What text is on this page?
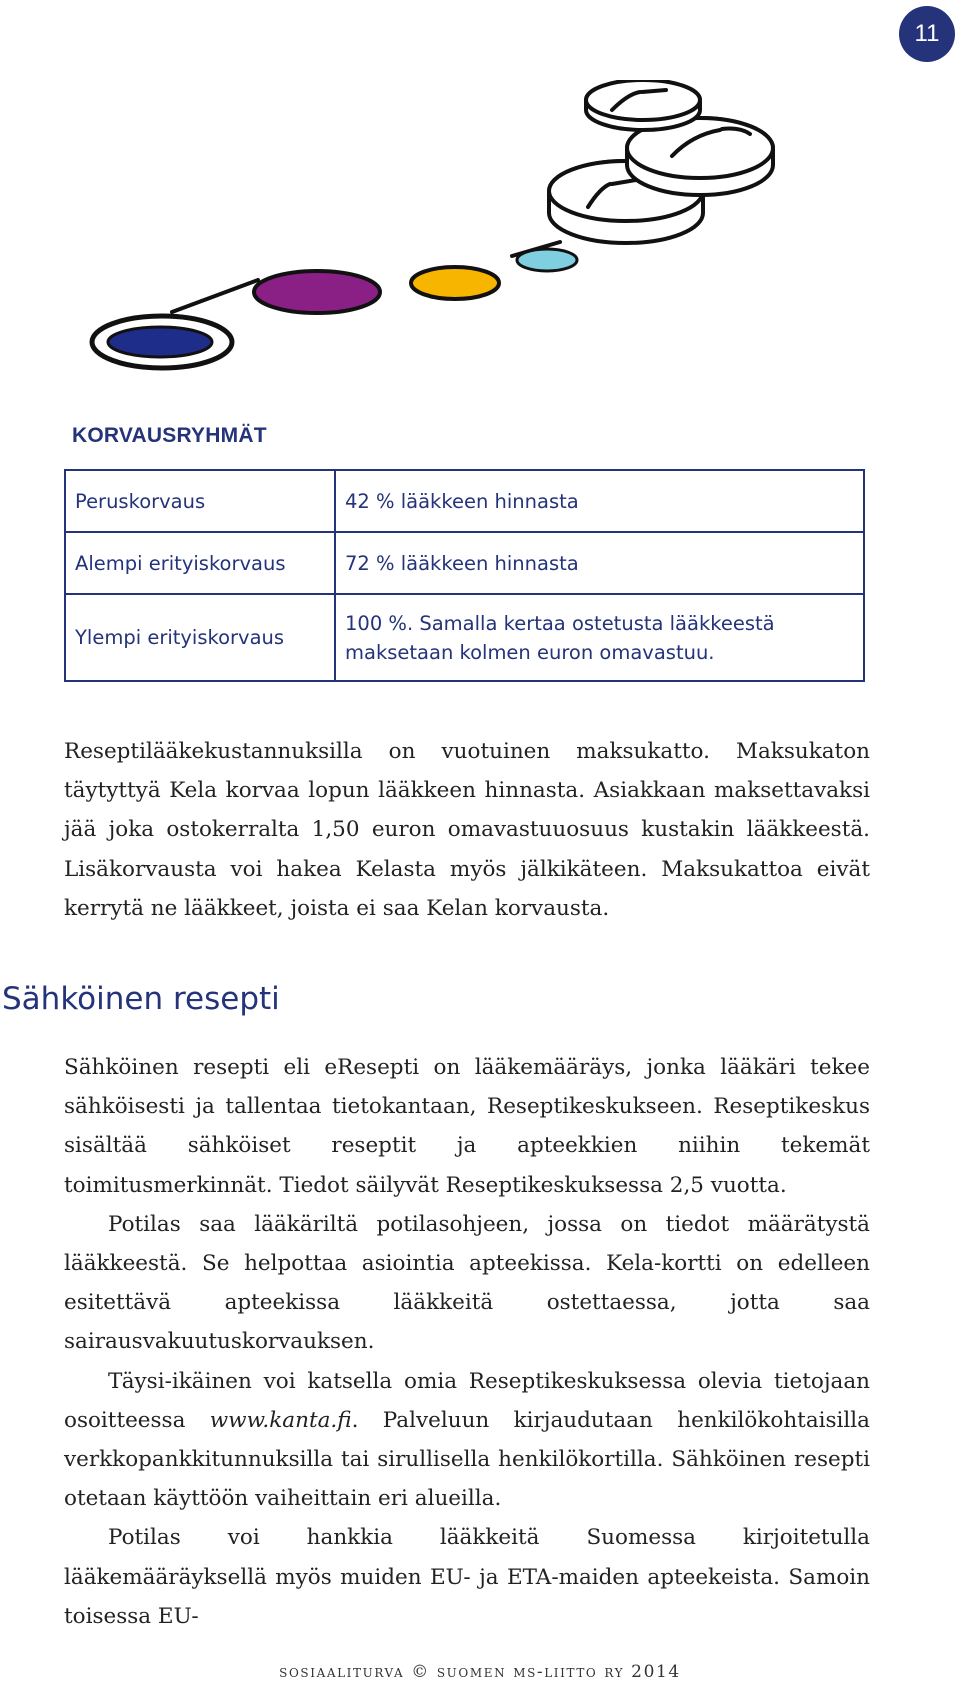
11
KORVAUSRYHMÄT
Peruskorvaus	42 % lääkkeen hinnasta
Alempi erityiskorvaus	72 % lääkkeen hinnasta
Ylempi erityiskorvaus	100 %. Samalla kertaa ostetusta lääkkeestä
maksetaan kolmen euron omavastuu.

Reseptilääkekustannuksilla on vuotuinen maksukatto. Maksukaton täytyttyä Kela korvaa lopun lääkkeen hinnasta. Asiakkaan maksettavaksi jää joka ostokerralta 1,50 euron omavastuuosuus kustakin lääkkeestä. Lisäkorvausta voi hakea Kelasta myös jälkikäteen. Maksukattoa eivät kerrytä ne lääkkeet, joista ei saa Kelan korvausta.

Sähköinen resepti

Sähköinen resepti eli eResepti on lääkemääräys, jonka lääkäri tekee sähköisesti ja tallentaa tietokantaan, Reseptikeskukseen. Reseptikeskus sisältää sähköiset reseptit ja apteekkien niihin tekemät toimitusmerkinnät. Tiedot säilyvät Reseptikeskuksessa 2,5 vuotta.

Potilas saa lääkäriltä potilasohjeen, jossa on tiedot määrätystä lääkkeestä. Se helpottaa asiointia apteekissa. Kela-kortti on edelleen esitettävä apteekissa lääkkeitä ostettaessa, jotta saa sairausvakuutuskorvauksen.

Täysi-ikäinen voi katsella omia Reseptikeskuksessa olevia tietojaan osoitteessa www.kanta.fi. Palveluun kirjaudutaan henkilökohtaisilla verkkopankkitunnuksilla tai sirullisella henkilökortilla. Sähköinen resepti otetaan käyttöön vaiheittain eri alueilla.

Potilas voi hankkia lääkkeitä Suomessa kirjoitetulla lääkemääräyksellä myös muiden EU- ja ETA-maiden apteekeista. Samoin toisessa EU-

sosiaaliturva © suomen ms-liitto ry 2014
